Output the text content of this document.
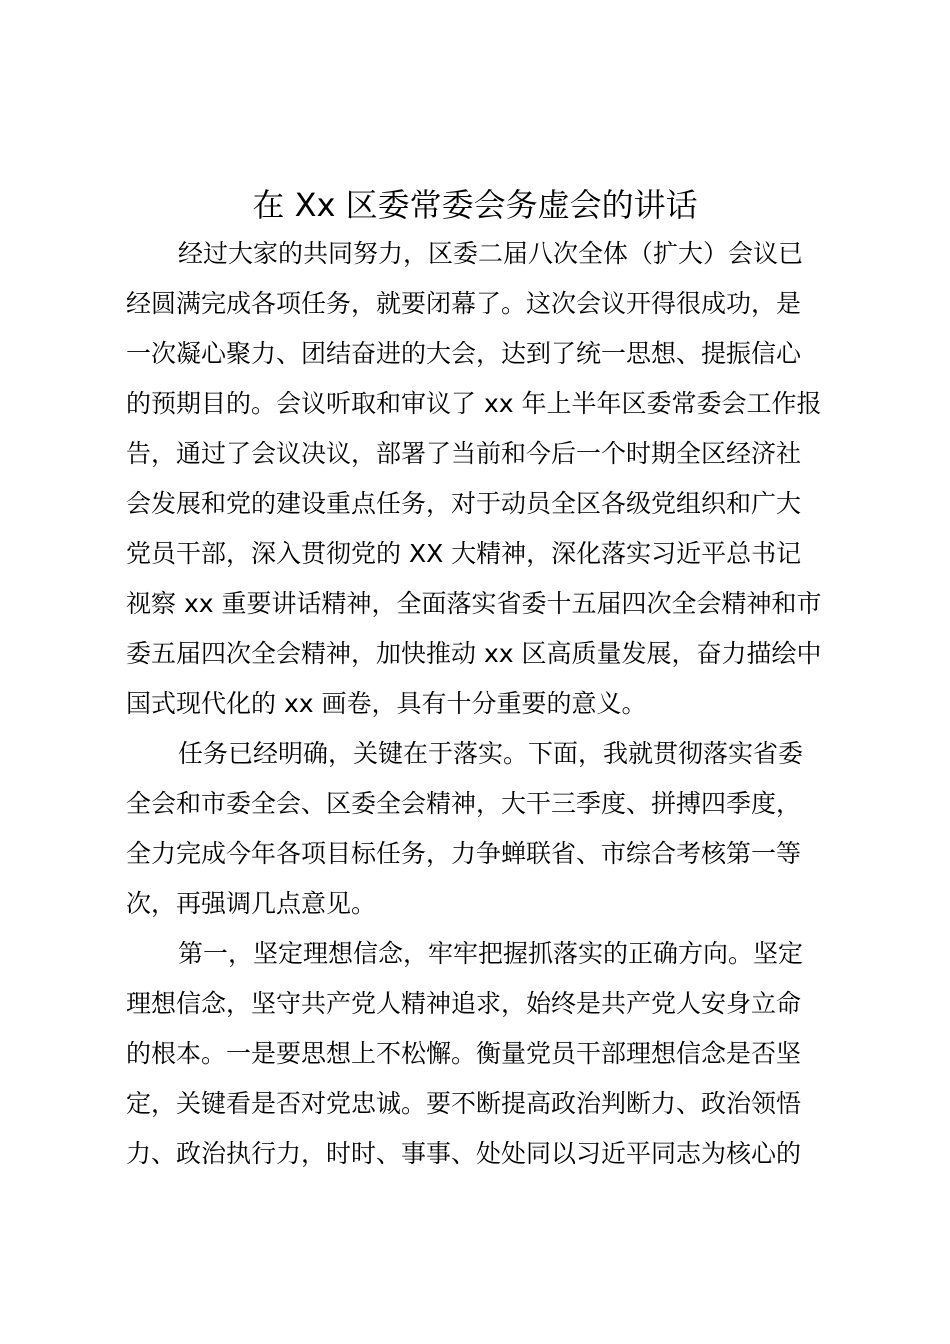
在 Xx 区委常委会务虚会的讲话

经过大家的共同努力，区委二届八次全体（扩大）会议已

经圆满完成各项任务，就要闭幕了。这次会议开得很成功，是

一次凝心聚力、团结奋进的大会，达到了统一思想、提振信心

的预期目的。会议听取和审议了 xx 年上半年区委常委会工作报

告，通过了会议决议，部署了当前和今后一个时期全区经济社

会发展和党的建设重点任务，对于动员全区各级党组织和广大

党员干部，深入贯彻党的 XX 大精神，深化落实习近平总书记

视察 xx 重要讲话精神，全面落实省委十五届四次全会精神和市

委五届四次全会精神，加快推动 xx 区高质量发展，奋力描绘中

国式现代化的 xx 画卷，具有十分重要的意义。

任务已经明确，关键在于落实。下面，我就贯彻落实省委

全会和市委全会、区委全会精神，大干三季度、拼搏四季度，

全力完成今年各项目标任务，力争蝉联省、市综合考核第一等

次，再强调几点意见。

第一，坚定理想信念，牢牢把握抓落实的正确方向。坚定

理想信念，坚守共产党人精神追求，始终是共产党人安身立命

的根本。一是要思想上不松懈。衡量党员干部理想信念是否坚

定，关键看是否对党忠诚。要不断提高政治判断力、政治领悟

力、政治执行力，时时、事事、处处同以习近平同志为核心的
